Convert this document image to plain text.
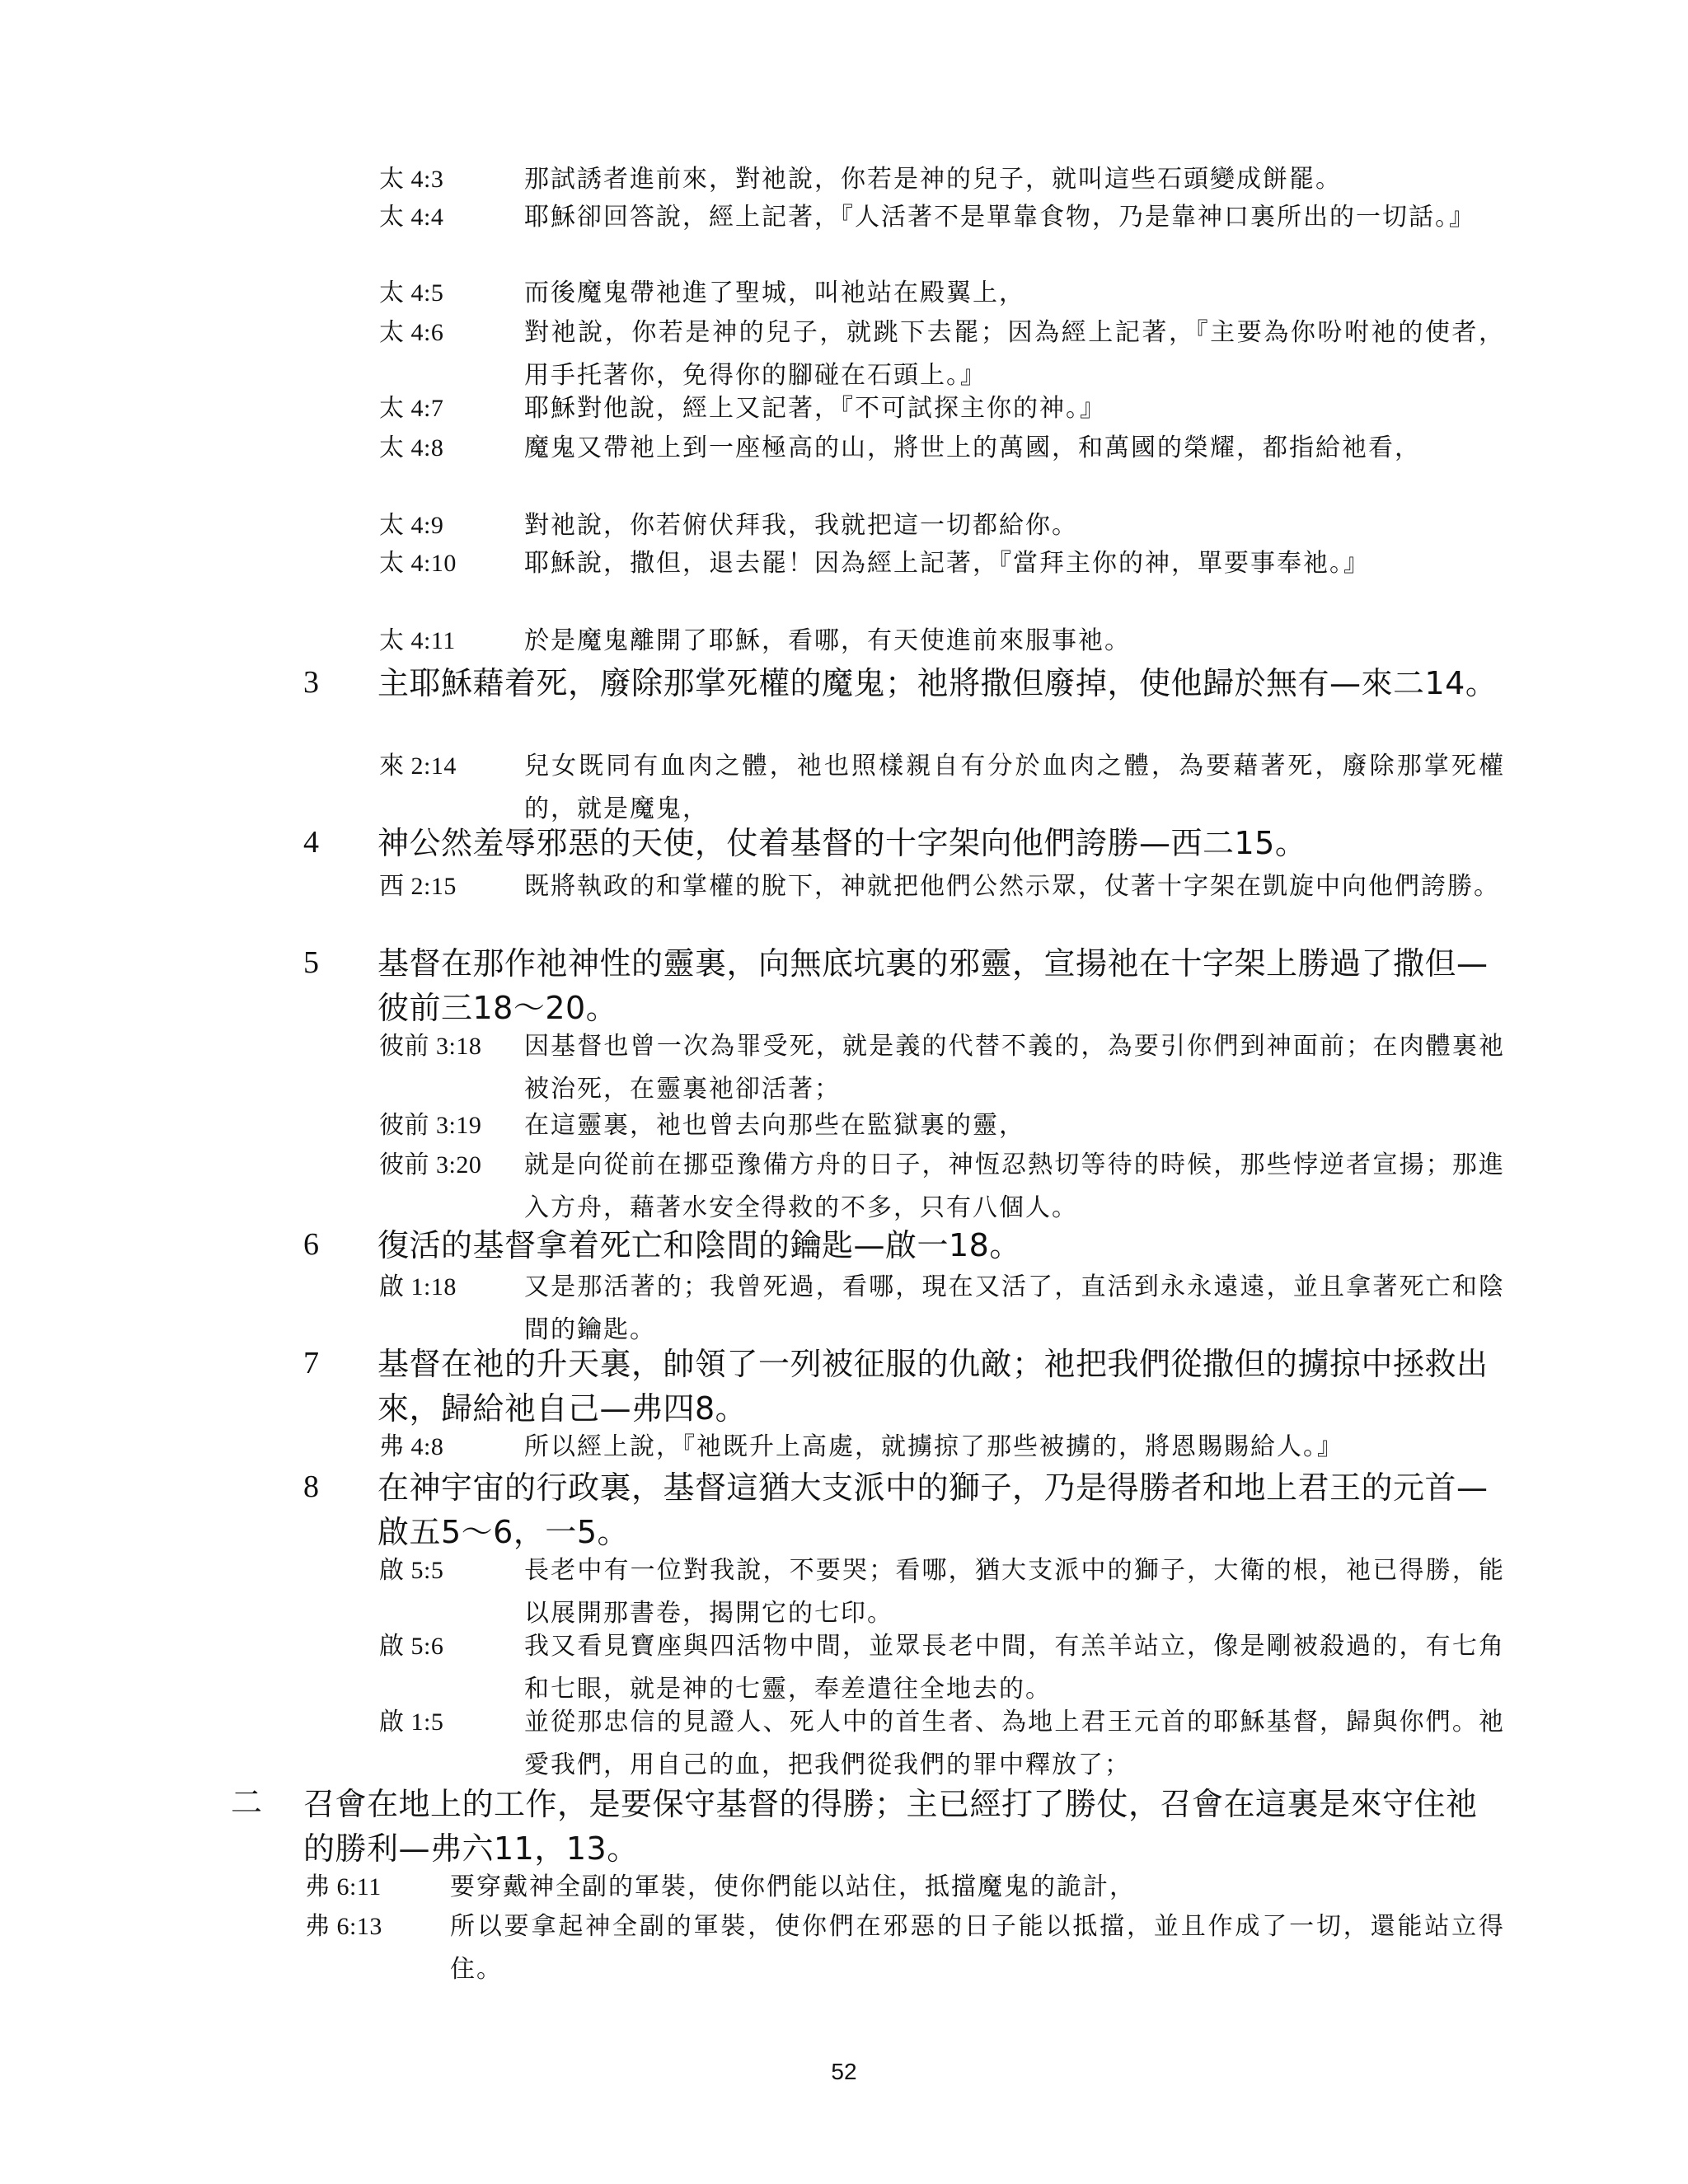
太 4:3	那試誘者進前來，對祂說，你若是神的兒子，就叫這些石頭變成餅罷。
太 4:4	耶穌卻回答說，經上記著，『人活著不是單靠食物，乃是靠神口裏所出的一切話。』
太 4:5	而後魔鬼帶祂進了聖城，叫祂站在殿翼上，
太 4:6	對祂說，你若是神的兒子，就跳下去罷；因為經上記著，『主要為你吩咐祂的使者，用手托著你，免得你的腳碰在石頭上。』
太 4:7	耶穌對他說，經上又記著，『不可試探主你的神。』
太 4:8	魔鬼又帶祂上到一座極高的山，將世上的萬國，和萬國的榮耀，都指給祂看，
太 4:9	對祂說，你若俯伏拜我，我就把這一切都給你。
太 4:10	耶穌說，撒但，退去罷！因為經上記著，『當拜主你的神，單要事奉祂。』
太 4:11	於是魔鬼離開了耶穌，看哪，有天使進前來服事祂。
3 主耶穌藉着死，廢除那掌死權的魔鬼；祂將撒但廢掉，使他歸於無有—來二14。
來 2:14	兒女既同有血肉之體，祂也照樣親自有分於血肉之體，為要藉著死，廢除那掌死權的，就是魔鬼，
4 神公然羞辱邪惡的天使，仗着基督的十字架向他們誇勝—西二15。
西 2:15	既將執政的和掌權的脫下，神就把他們公然示眾，仗著十字架在凱旋中向他們誇勝。
5 基督在那作祂神性的靈裏，向無底坑裏的邪靈，宣揚祂在十字架上勝過了撒但—彼前三18～20。
彼前 3:18 因基督也曾一次為罪受死，就是義的代替不義的，為要引你們到神面前；在肉體裏祂被治死，在靈裏祂卻活著；
彼前 3:19 在這靈裏，祂也曾去向那些在監獄裏的靈，
彼前 3:20 就是向從前在挪亞豫備方舟的日子，神恆忍熱切等待的時候，那些悖逆者宣揚；那進入方舟，藉著水安全得救的不多，只有八個人。
6 復活的基督拿着死亡和陰間的鑰匙—啟一18。
啟 1:18	又是那活著的；我曾死過，看哪，現在又活了，直活到永永遠遠，並且拿著死亡和陰間的鑰匙。
7 基督在祂的升天裏，帥領了一列被征服的仇敵；祂把我們從撒但的擄掠中拯救出來，歸給祂自己—弗四8。
弗 4:8	所以經上說，『祂既升上高處，就擄掠了那些被擄的，將恩賜賜給人。』
8 在神宇宙的行政裏，基督這猶大支派中的獅子，乃是得勝者和地上君王的元首—啟五5～6，一5。
啟 5:5	長老中有一位對我說，不要哭；看哪，猶大支派中的獅子，大衛的根，祂已得勝，能以展開那書卷，揭開它的七印。
啟 5:6	我又看見寶座與四活物中間，並眾長老中間，有羔羊站立，像是剛被殺過的，有七角和七眼，就是神的七靈，奉差遣往全地去的。
啟 1:5	並從那忠信的見證人、死人中的首生者、為地上君王元首的耶穌基督，歸與你們。祂愛我們，用自己的血，把我們從我們的罪中釋放了；
二 召會在地上的工作，是要保守基督的得勝；主已經打了勝仗，召會在這裏是來守住祂的勝利—弗六11，13。
弗 6:11	要穿戴神全副的軍裝，使你們能以站住，抵擋魔鬼的詭計，
弗 6:13	所以要拿起神全副的軍裝，使你們在邪惡的日子能以抵擋，並且作成了一切，還能站立得住。
52
